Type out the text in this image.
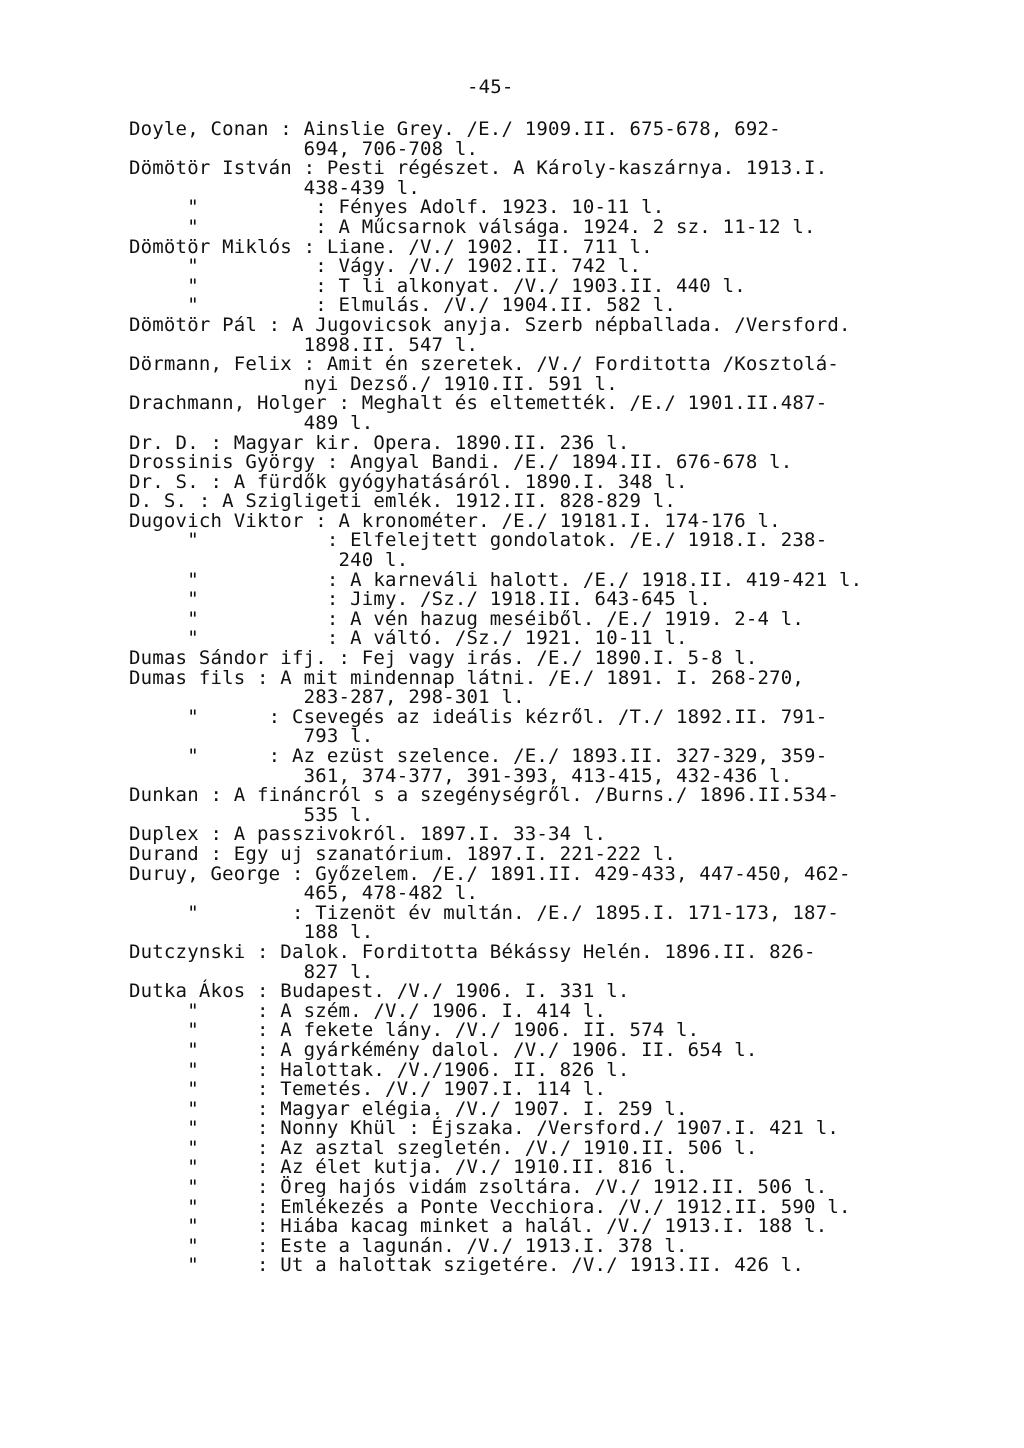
-45-
Doyle, Conan : Ainslie Grey. /E./ 1909.II. 675-678, 692-
694, 706-708 l.
Dömötör István : Pesti régészet. A Károly-kaszárnya. 1913.I.
438-439 l.
"          : Fényes Adolf. 1923. 10-11 l.
"          : A Műcsarnok válsága. 1924. 2 sz. 11-12 l.
Dömötör Miklós : Liane. /V./ 1902. II. 711 l.
"          : Vágy. /V./ 1902.II. 742 l.
"          : T li alkonyat. /V./ 1903.II. 440 l.
"          : Elmulás. /V./ 1904.II. 582 l.
Dömötör Pál : A Jugovicsok anyja. Szerb népballada. /Versford.
1898.II. 547 l.
Dörmann, Felix : Amit én szeretek. /V./ Forditotta /Kosztolá-
nyi Dezső./ 1910.II. 591 l.
Drachmann, Holger : Meghalt és eltemették. /E./ 1901.II.487-
489 l.
Dr. D. : Magyar kir. Opera. 1890.II. 236 l.
Drossinis György : Angyal Bandi. /E./ 1894.II. 676-678 l.
Dr. S. : A fürdők gyógyhatásáról. 1890.I. 348 l.
D. S. : A Szigligeti emlék. 1912.II. 828-829 l.
Dugovich Viktor : A kronométer. /E./ 19181.I. 174-176 l.
"           : Elfelejtett gondolatok. /E./ 1918.I. 238-
240 l.
"           : A karneváli halott. /E./ 1918.II. 419-421 l.
"           : Jimy. /Sz./ 1918.II. 643-645 l.
"           : A vén hazug meséiből. /E./ 1919. 2-4 l.
"           : A váltó. /Sz./ 1921. 10-11 l.
Dumas Sándor ifj. : Fej vagy irás. /E./ 1890.I. 5-8 l.
Dumas fils : A mit mindennap látni. /E./ 1891. I. 268-270,
283-287, 298-301 l.
"      : Csevegés az ideális kézről. /T./ 1892.II. 791-
793 l.
"      : Az ezüst szelence. /E./ 1893.II. 327-329, 359-
361, 374-377, 391-393, 413-415, 432-436 l.
Dunkan : A fináncról s a szegénységről. /Burns./ 1896.II.534-
535 l.
Duplex : A passzivokról. 1897.I. 33-34 l.
Durand : Egy uj szanatórium. 1897.I. 221-222 l.
Duruy, George : Győzelem. /E./ 1891.II. 429-433, 447-450, 462-
465, 478-482 l.
"        : Tizenöt év multán. /E./ 1895.I. 171-173, 187-
188 l.
Dutczynski : Dalok. Forditotta Békássy Helén. 1896.II. 826-
827 l.
Dutka Ákos : Budapest. /V./ 1906. I. 331 l.
"     : A szém. /V./ 1906. I. 414 l.
"     : A fekete lány. /V./ 1906. II. 574 l.
"     : A gyárkémény dalol. /V./ 1906. II. 654 l.
"     : Halottak. /V./1906. II. 826 l.
"     : Temetés. /V./ 1907.I. 114 l.
"     : Magyar elégia. /V./ 1907. I. 259 l.
"     : Nonny Khül : Éjszaka. /Versford./ 1907.I. 421 l.
"     : Az asztal szegletén. /V./ 1910.II. 506 l.
"     : Az élet kutja. /V./ 1910.II. 816 l.
"     : Öreg hajós vidám zsoltára. /V./ 1912.II. 506 l.
"     : Emlékezés a Ponte Vecchiora. /V./ 1912.II. 590 l.
"     : Hiába kacag minket a halál. /V./ 1913.I. 188 l.
"     : Este a lagunán. /V./ 1913.I. 378 l.
"     : Ut a halottak szigetére. /V./ 1913.II. 426 l.
